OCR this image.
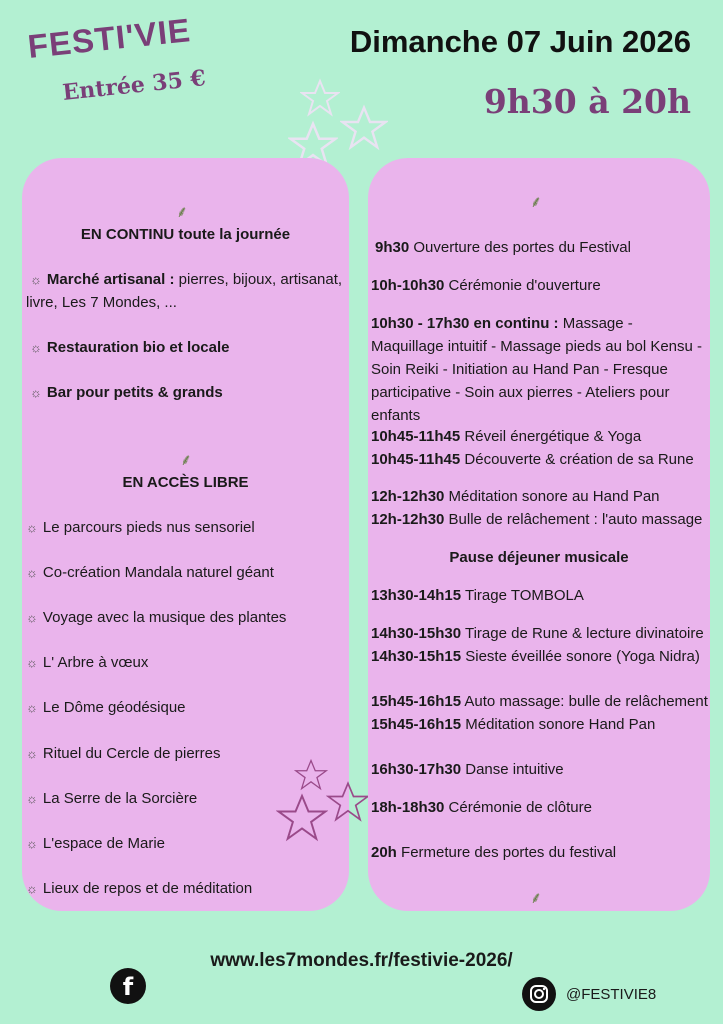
FESTI'VIE
Entrée 35 €
Dimanche 07 Juin 2026
9h30 à 20h
⸙
EN CONTINU toute la journée
☼ Marché artisanal : pierres, bijoux, artisanat,
livre, Les 7 Mondes, ...
☼ Restauration bio et locale
☼ Bar pour petits & grands
⸙
EN ACCÈS LIBRE
☼ Le parcours pieds nus sensoriel
☼ Co-création Mandala naturel géant
☼ Voyage avec la musique des plantes
☼ L' Arbre à vœux
☼ Le Dôme géodésique
☼ Rituel du Cercle de pierres
☼ La Serre de la Sorcière
☼ L'espace de Marie
☼ Lieux de repos et de méditation
⸙
9h30 Ouverture des portes du Festival
10h-10h30 Cérémonie d'ouverture
10h30 - 17h30 en continu : Massage - Maquillage intuitif - Massage pieds au bol Kensu - Soin Reiki - Initiation au Hand Pan - Fresque participative - Soin aux pierres - Ateliers pour enfants
10h45-11h45 Réveil énergétique & Yoga
10h45-11h45 Découverte & création de sa Rune
12h-12h30 Méditation sonore au Hand Pan
12h-12h30 Bulle de relâchement : l'auto massage
Pause déjeuner musicale
13h30-14h15 Tirage TOMBOLA
14h30-15h30 Tirage de Rune & lecture divinatoire
14h30-15h15 Sieste éveillée sonore (Yoga Nidra)
15h45-16h15 Auto massage: bulle de relâchement
15h45-16h15 Méditation sonore Hand Pan
16h30-17h30 Danse intuitive
18h-18h30 Cérémonie de clôture
20h Fermeture des portes du festival
⸙
www.les7mondes.fr/festivie-2026/
f	@FESTIVIE8
